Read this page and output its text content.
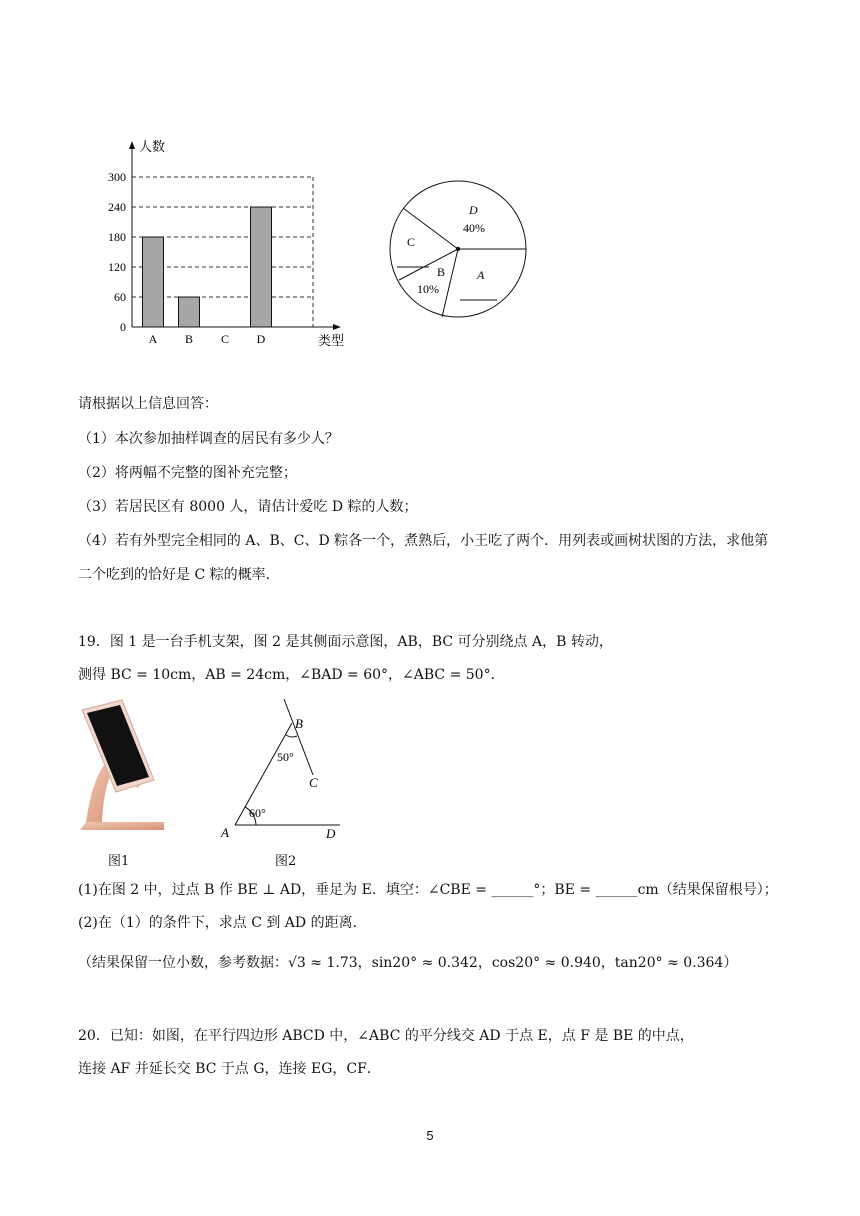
0
60
120
180
240
300
A B C D
人数
类型
D
40%
A
C
B
10%
请根据以上信息回答：
（1）本次参加抽样调查的居民有多少人？
（2）将两幅不完整的图补充完整；
（3）若居民区有 8000 人，请估计爱吃 D 粽的人数；
（4）若有外型完全相同的 A、B、C、D 粽各一个，煮熟后，小王吃了两个．用列表或画树状图的方法，求他第
二个吃到的恰好是 C 粽的概率．
19．图 1 是一台手机支架，图 2 是其侧面示意图，AB，BC 可分别绕点 A，B 转动，
测得 BC = 10cm，AB = 24cm，∠BAD = 60°，∠ABC = 50°．
图1
A
B
C
D
60°
50°
图2
(1)在图 2 中，过点 B 作 BE ⊥ AD，垂足为 E．填空：∠CBE = ______°；BE = ______cm（结果保留根号）；
(2)在（1）的条件下，求点 C 到 AD 的距离．
（结果保留一位小数，参考数据：√3 ≈ 1.73，sin20° ≈ 0.342，cos20° ≈ 0.940，tan20° ≈ 0.364）
20．已知：如图，在平行四边形 ABCD 中，∠ABC 的平分线交 AD 于点 E，点 F 是 BE 的中点，
连接 AF 并延长交 BC 于点 G，连接 EG，CF．
5
